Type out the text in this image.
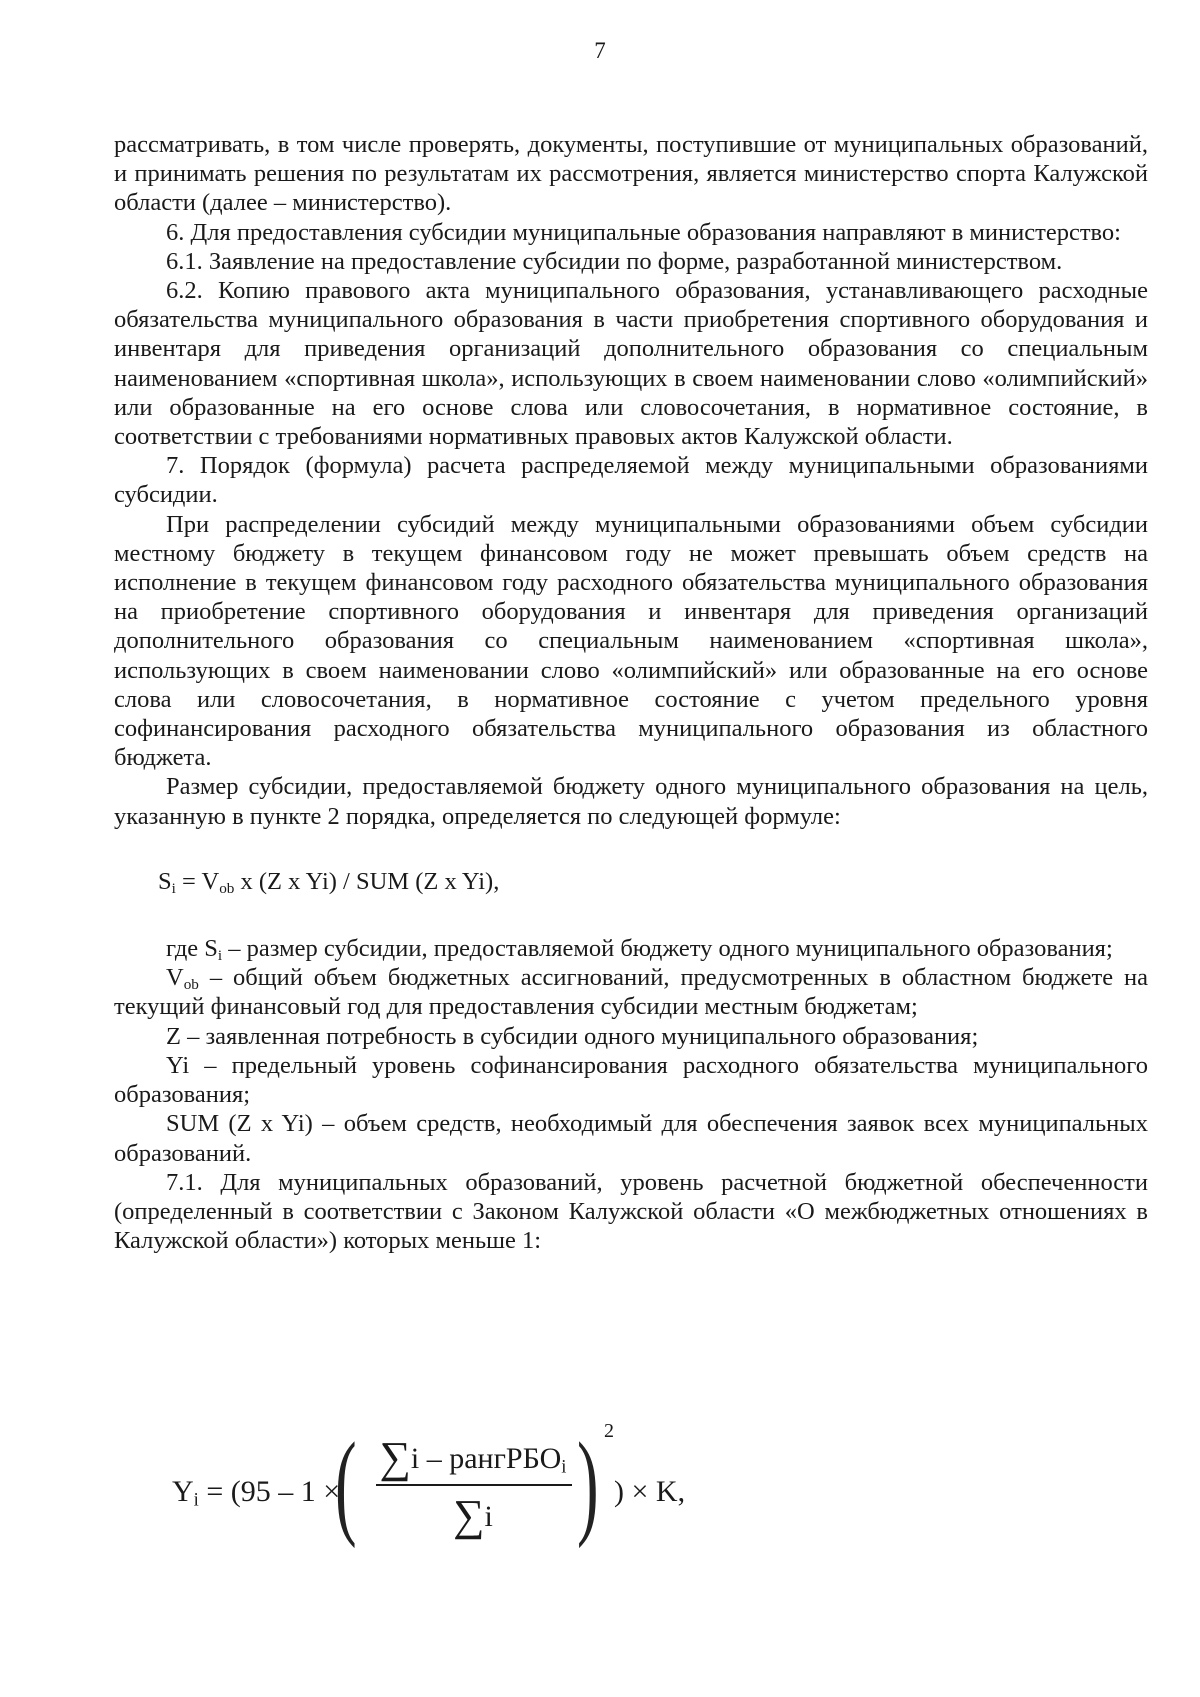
7

рассматривать, в том числе проверять, документы, поступившие от муниципальных образований, и принимать решения по результатам их рассмотрения, является министерство спорта Калужской области (далее – министерство).

6. Для предоставления субсидии муниципальные образования направляют в министерство:

6.1. Заявление на предоставление субсидии по форме, разработанной министерством.

6.2. Копию правового акта муниципального образования, устанавливающего расходные обязательства муниципального образования в части приобретения спортивного оборудования и инвентаря для приведения организаций дополнительного образования со специальным наименованием «спортивная школа», использующих в своем наименовании слово «олимпийский» или образованные на его основе слова или словосочетания, в нормативное состояние, в соответствии с требованиями нормативных правовых актов Калужской области.

7. Порядок (формула) расчета распределяемой между муниципальными образованиями субсидии.

При распределении субсидий между муниципальными образованиями объем субсидии местному бюджету в текущем финансовом году не может превышать объем средств на исполнение в текущем финансовом году расходного обязательства муниципального образования на приобретение спортивного оборудования и инвентаря для приведения организаций дополнительного образования со специальным наименованием «спортивная школа», использующих в своем наименовании слово «олимпийский» или образованные на его основе слова или словосочетания, в нормативное состояние с учетом предельного уровня софинансирования расходного обязательства муниципального образования из областного бюджета.

Размер субсидии, предоставляемой бюджету одного муниципального образования на цель, указанную в пункте 2 порядка, определяется по следующей формуле:

$S_i = V_{ob}$ x (Z x Yi) / SUM (Z x Yi),

где $S_i$ – размер субсидии, предоставляемой бюджету одного муниципального образования;

$V_{ob}$ – общий объем бюджетных ассигнований, предусмотренных в областном бюджете на текущий финансовый год для предоставления субсидии местным бюджетам;

Z – заявленная потребность в субсидии одного муниципального образования;

Yi – предельный уровень софинансирования расходного обязательства муниципального образования;

SUM (Z x Yi) – объем средств, необходимый для обеспечения заявок всех муниципальных образований.

7.1. Для муниципальных образований, уровень расчетной бюджетной обеспеченности (определенный в соответствии с Законом Калужской области «О межбюджетных отношениях в Калужской области») которых меньше 1:

$Y_i = (95 - 1$ ×
( ∑i – рангРБО$_i$
∑i ) 2
) × K,
